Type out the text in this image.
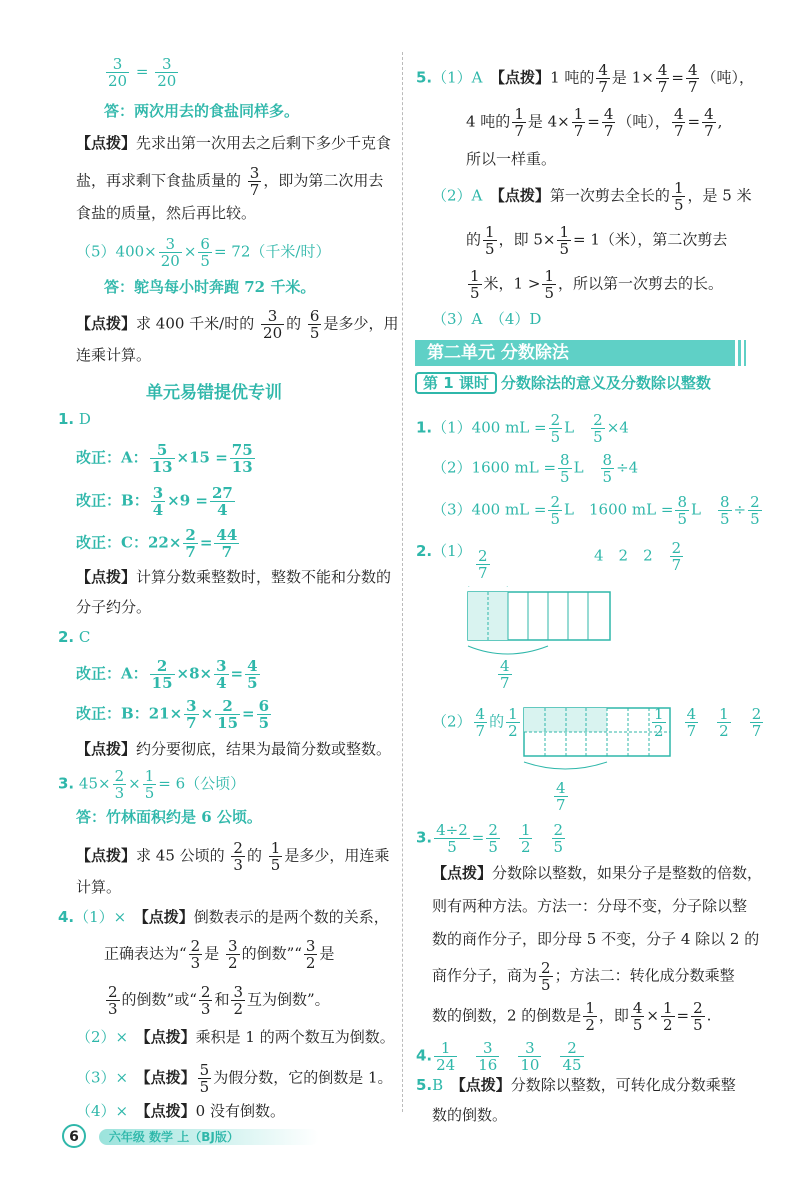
$\frac{3}{20} = \frac{3}{20}$
答：两次用去的食盐同样多。
【点拨】先求出第一次用去之后剩下多少千克食
盐，再求剩下食盐质量的 $\frac{3}{7}$ ，即为第二次用去
食盐的质量，然后再比较。
$(5)400\times \frac{3}{20} \times \frac{6}{5} = 72$（千米/时）
答：鸵鸟每小时奔跑 72 千米。
【点拨】求 400 千米/时的 $\frac{3}{20}$ 的 $\frac{6}{5}$ 是多少，用
连乘计算。
单元易错提优专训
1. D
改正：A： $\frac{5}{13} \times 15 = \frac{75}{13}$
改正：B： $\frac{3}{4} \times 9 = \frac{27}{4}$
改正：C：$22\times \frac{2}{7} = \frac{44}{7}$
【点拨】计算分数乘整数时，整数不能和分数的
分子约分。
2. C
改正：A： $\frac{2}{15} \times 8\times \frac{3}{4} = \frac{4}{5}$
改正：B：$21\times \frac{3}{7} \times \frac{2}{15} = \frac{6}{5}$
【点拨】约分要彻底，结果为最简分数或整数。
3. $45\times \frac{2}{3} \times \frac{1}{5} = 6$（公顷）
答：竹林面积约是 6 公顷。
【点拨】求 45 公顷的 $\frac{2}{3}$ 的 $\frac{1}{5}$ 是多少，用连乘
计算。
4.（1）×　 【点拨】倒数表示的是两个数的关系，
正确表达为“ $\frac{2}{3}$ 是 $\frac{3}{2}$ 的倒数”“ $\frac{3}{2}$ 是
$\frac{2}{3}$ 的倒数”或“ $\frac{2}{3}$ 和 $\frac{3}{2}$ 互为倒数”。
（2）×　 【点拨】乘积是 1 的两个数互为倒数。
（3）×　 【点拨】 $\frac{5}{5}$ 为假分数，它的倒数是 1。
（4）×　 【点拨】0 没有倒数。
5.（1）A　 【点拨】1 吨的 $\frac{4}{7}$ 是 $1\times \frac{4}{7} = \frac{4}{7}$ （吨），
4 吨的 $\frac{1}{7}$ 是 $4\times \frac{1}{7} = \frac{4}{7}$ （吨）， $\frac{4}{7} = \frac{4}{7}$ ,
所以一样重。
（2）A　 【点拨】第一次剪去全长的 $\frac{1}{5}$ ，是 5 米
的 $\frac{1}{5}$ ，即 $5\times \frac{1}{5} = 1$（米），第二次剪去
$\frac{1}{5}$ 米，$1 > \frac{1}{5}$ ，所以第一次剪去的长。
（3）A　（4）D
第二单元 分数除法
第 1 课时 分数除法的意义及分数除以整数
1.（1）400 mL = $\frac{2}{5}$ L　 $\frac{2}{5} \times 4$
（2）1600 mL = $\frac{8}{5}$ L　 $\frac{8}{5} \div 4$
（3）400 mL = $\frac{2}{5}$ L　1600 mL = $\frac{8}{5}$ L　 $\frac{8}{5} \div \frac{2}{5}$
2.（1）	4　2　2　 $\frac{2}{7}$
$\frac{2}{7}$
$\frac{4}{7}$
$(2) \frac{4}{7}$ 的 $\frac{1}{2}$	$\frac{1}{2}$
　 $\frac{4}{7}$
　 $\frac{1}{2}$
　 $\frac{2}{7}$
$\frac{4}{7}$
3. $\frac{4\div 2}{5} = \frac{2}{5}$
　 $\frac{1}{2}$
　 $\frac{2}{5}$
【点拨】分数除以整数，如果分子是整数的倍数，
则有两种方法。方法一：分母不变，分子除以整
数的商作分子，即分母 5 不变，分子 4 除以 2 的
商作分子，商为 $\frac{2}{5}$ ；方法二：转化成分数乘整
数的倒数，2 的倒数是 $\frac{1}{2}$ ，即 $\frac{4}{5} \times \frac{1}{2} = \frac{2}{5}$ .
4. $\frac{1}{24}$
　 $\frac{3}{16}$
　 $\frac{3}{10}$
　 $\frac{2}{45}$
5.B　 【点拨】分数除以整数，可转化成分数乘整
数的倒数。
6	六年级 数学 上（BJ版）
